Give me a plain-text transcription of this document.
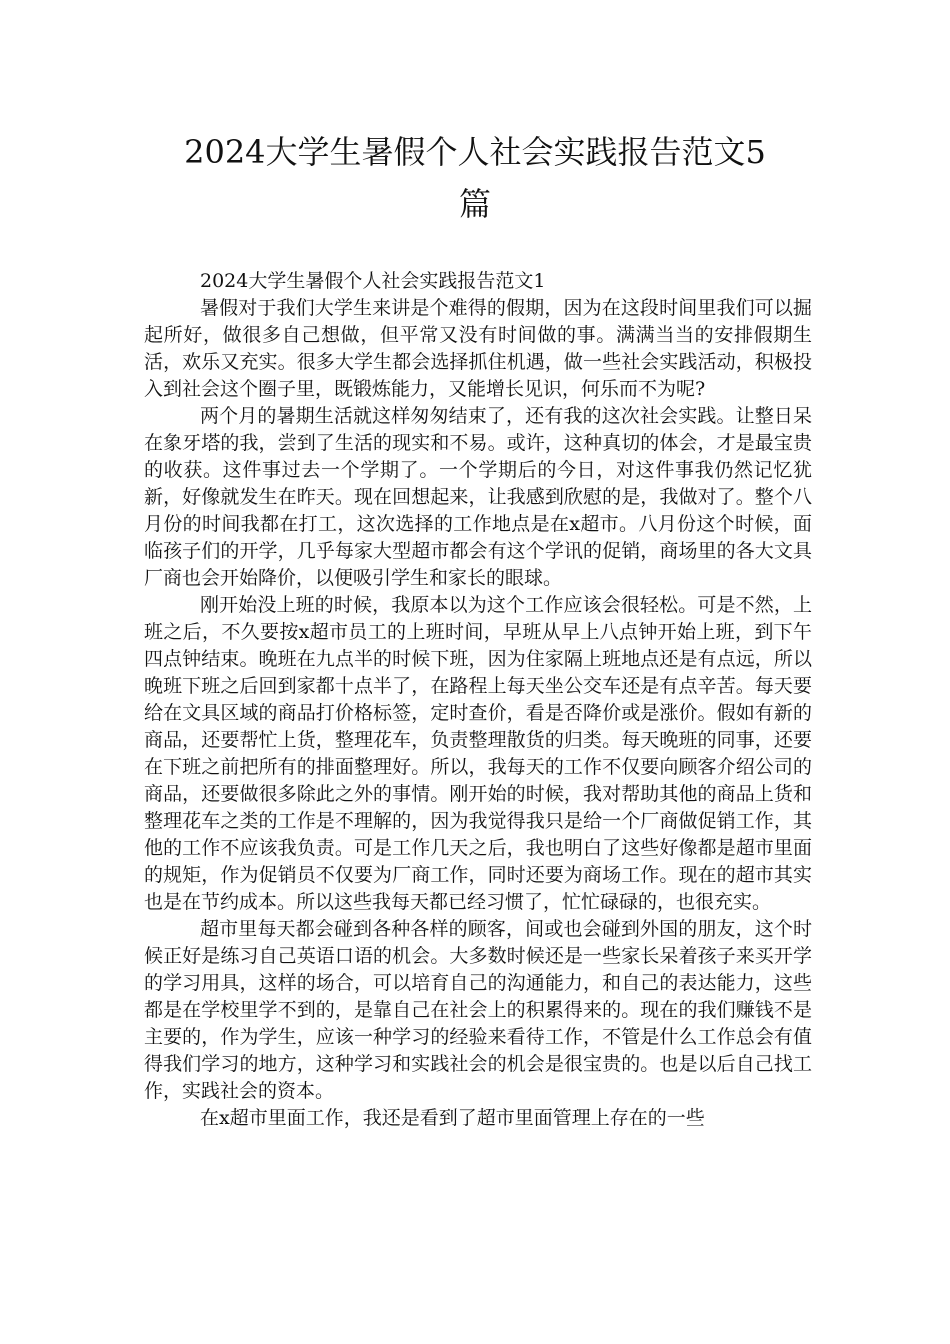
2024大学生暑假个人社会实践报告范文5
篇

2024大学生暑假个人社会实践报告范文1

暑假对于我们大学生来讲是个难得的假期，因为在这段时间里我们可以掘起所好，做很多自己想做，但平常又没有时间做的事。满满当当的安排假期生活，欢乐又充实。很多大学生都会选择抓住机遇，做一些社会实践活动，积极投入到社会这个圈子里，既锻炼能力，又能增长见识，何乐而不为呢?

两个月的暑期生活就这样匆匆结束了，还有我的这次社会实践。让整日呆在象牙塔的我，尝到了生活的现实和不易。或许，这种真切的体会，才是最宝贵的收获。这件事过去一个学期了。一个学期后的今日，对这件事我仍然记忆犹新，好像就发生在昨天。现在回想起来，让我感到欣慰的是，我做对了。整个八月份的时间我都在打工，这次选择的工作地点是在x超市。八月份这个时候，面临孩子们的开学，几乎每家大型超市都会有这个学讯的促销，商场里的各大文具厂商也会开始降价，以便吸引学生和家长的眼球。

刚开始没上班的时候，我原本以为这个工作应该会很轻松。可是不然，上班之后，不久要按x超市员工的上班时间，早班从早上八点钟开始上班，到下午四点钟结束。晚班在九点半的时候下班，因为住家隔上班地点还是有点远，所以晚班下班之后回到家都十点半了，在路程上每天坐公交车还是有点辛苦。每天要给在文具区域的商品打价格标签，定时查价，看是否降价或是涨价。假如有新的商品，还要帮忙上货，整理花车，负责整理散货的归类。每天晚班的同事，还要在下班之前把所有的排面整理好。所以，我每天的工作不仅要向顾客介绍公司的商品，还要做很多除此之外的事情。刚开始的时候，我对帮助其他的商品上货和整理花车之类的工作是不理解的，因为我觉得我只是给一个厂商做促销工作，其他的工作不应该我负责。可是工作几天之后，我也明白了这些好像都是超市里面的规矩，作为促销员不仅要为厂商工作，同时还要为商场工作。现在的超市其实也是在节约成本。所以这些我每天都已经习惯了，忙忙碌碌的，也很充实。

超市里每天都会碰到各种各样的顾客，间或也会碰到外国的朋友，这个时候正好是练习自己英语口语的机会。大多数时候还是一些家长呆着孩子来买开学的学习用具，这样的场合，可以培育自己的沟通能力，和自己的表达能力，这些都是在学校里学不到的，是靠自己在社会上的积累得来的。现在的我们赚钱不是主要的，作为学生，应该一种学习的经验来看待工作，不管是什么工作总会有值得我们学习的地方，这种学习和实践社会的机会是很宝贵的。也是以后自己找工作，实践社会的资本。

在x超市里面工作，我还是看到了超市里面管理上存在的一些
